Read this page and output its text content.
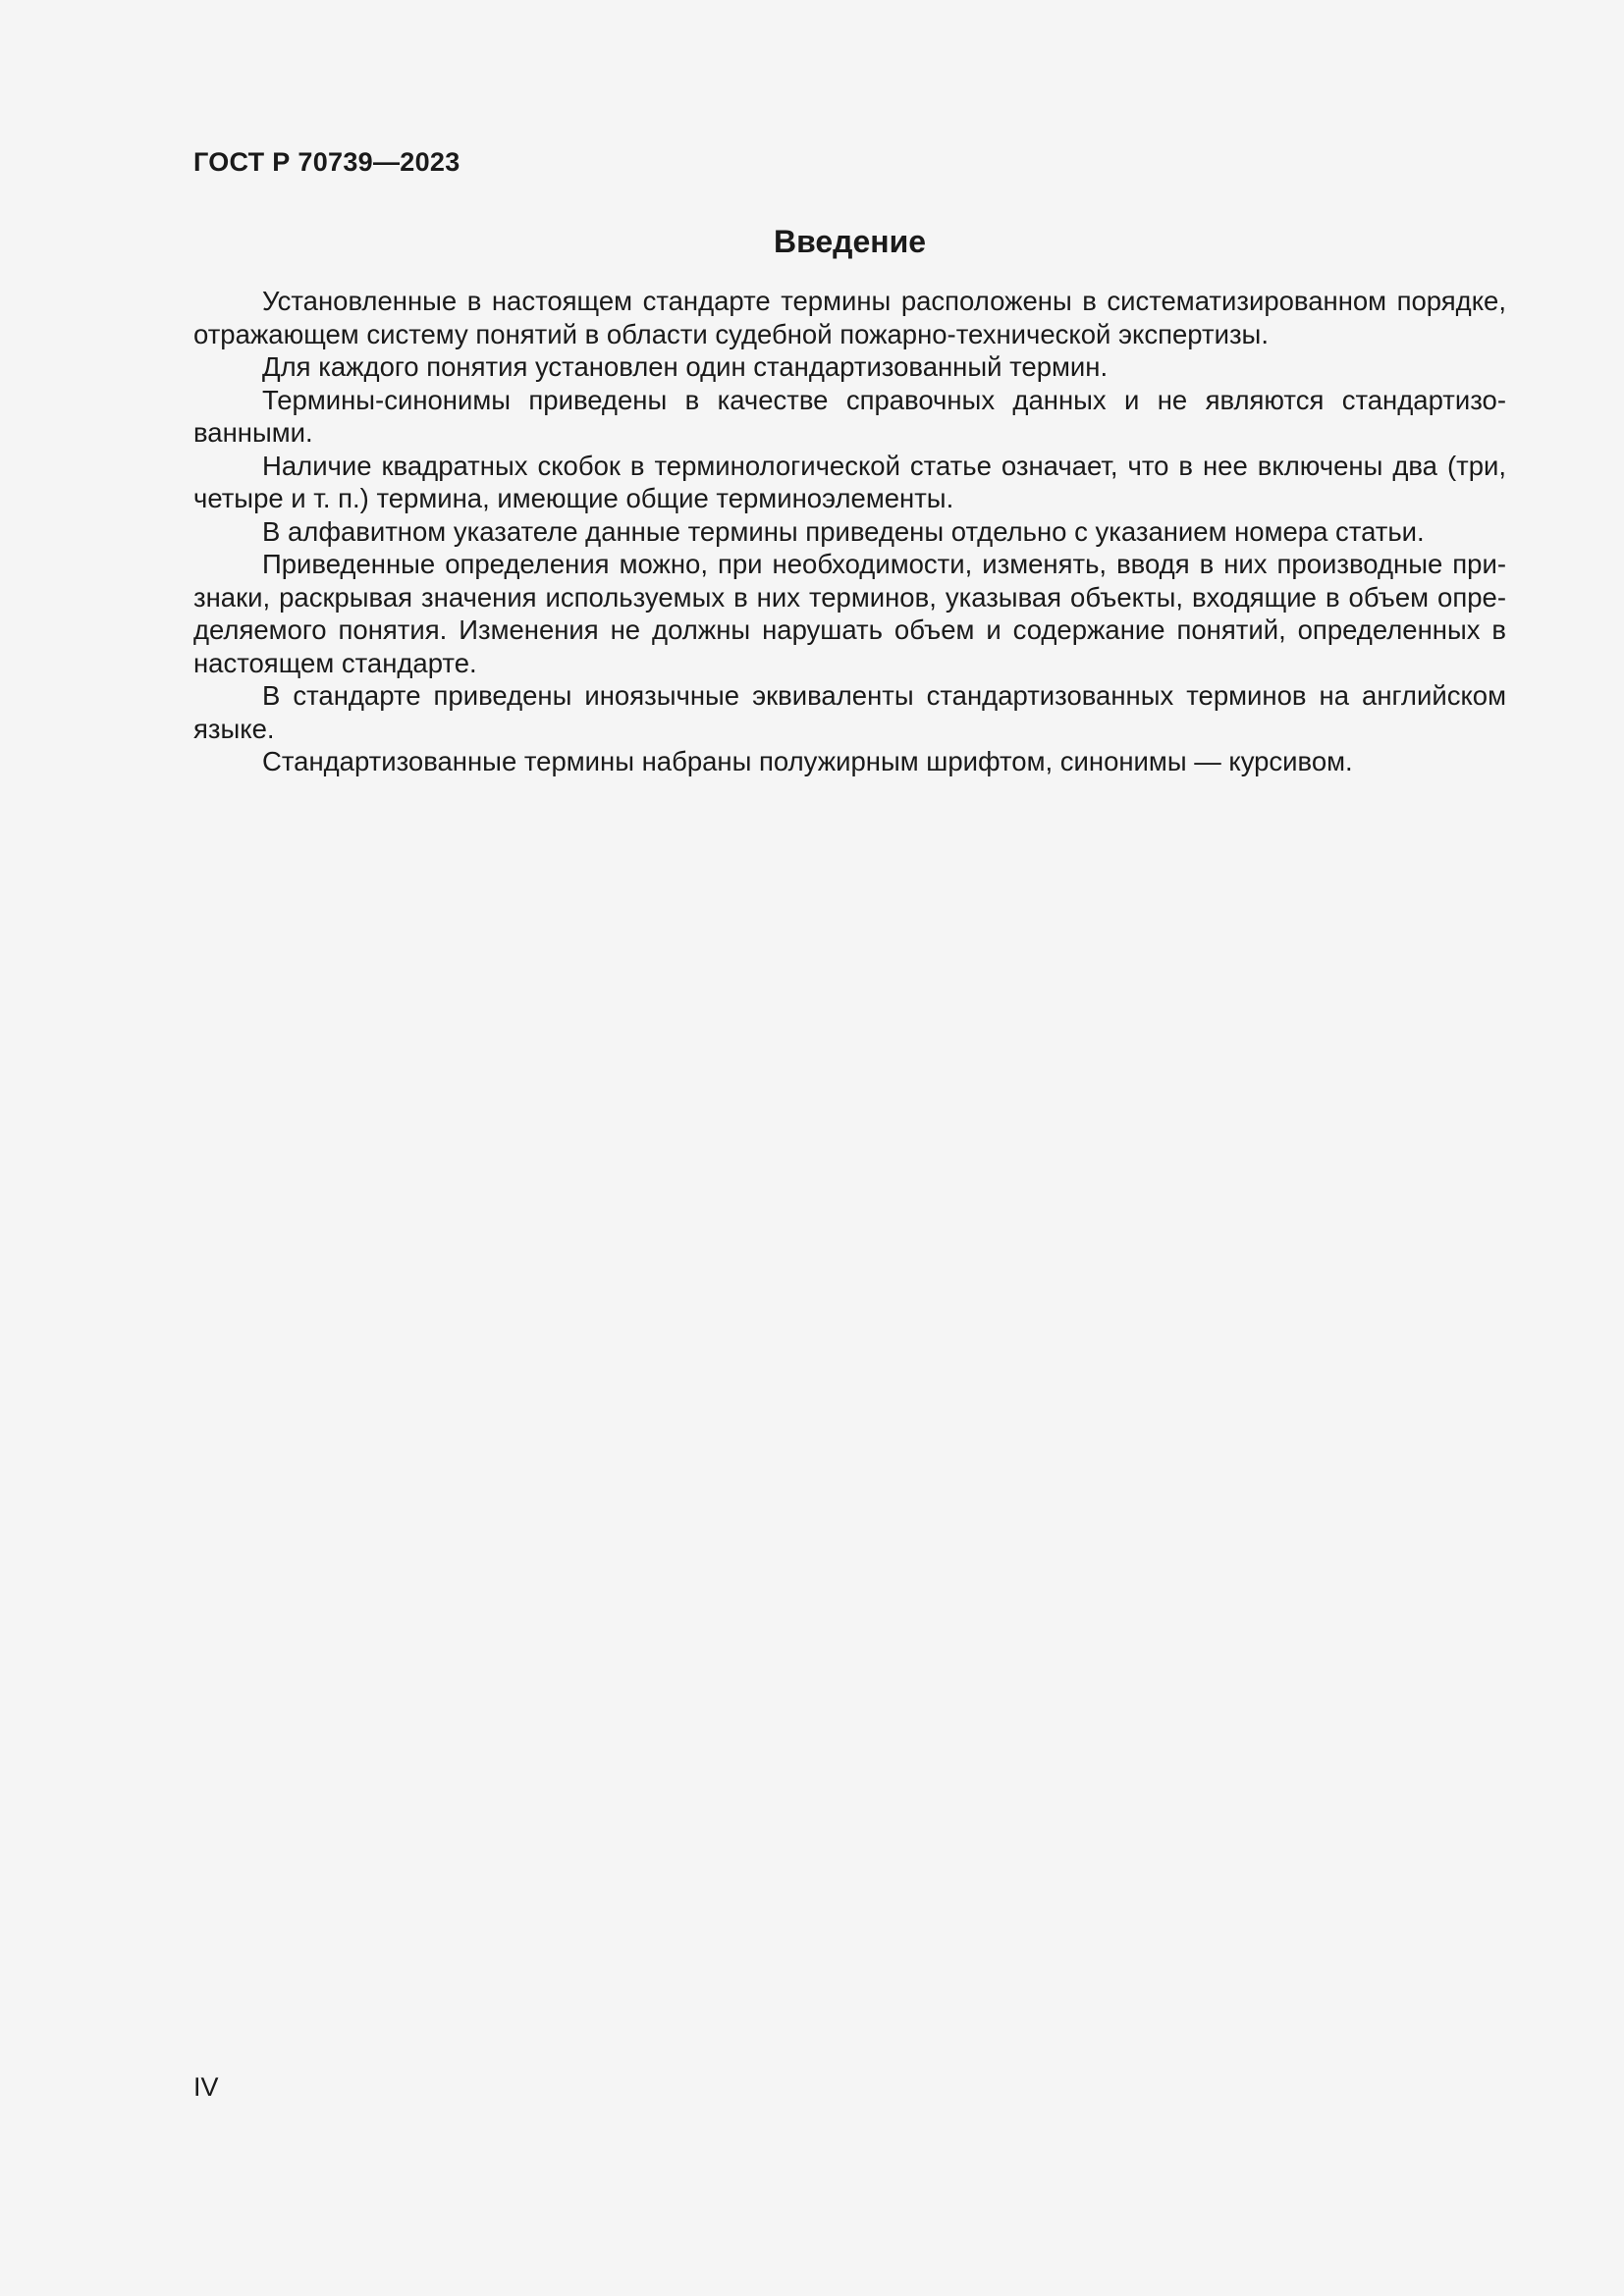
ГОСТ Р 70739—2023
Введение

Установленные в настоящем стандарте термины расположены в систематизированном порядке, отражающем систему понятий в области судебной пожарно-технической экспертизы.

Для каждого понятия установлен один стандартизованный термин.

Термины-синонимы приведены в качестве справочных данных и не являются стандартизованными.

Наличие квадратных скобок в терминологической статье означает, что в нее включены два (три, четыре и т. п.) термина, имеющие общие терминоэлементы.

В алфавитном указателе данные термины приведены отдельно с указанием номера статьи.

Приведенные определения можно, при необходимости, изменять, вводя в них производные признаки, раскрывая значения используемых в них терминов, указывая объекты, входящие в объем определяемого понятия. Изменения не должны нарушать объем и содержание понятий, определенных в настоящем стандарте.

В стандарте приведены иноязычные эквиваленты стандартизованных терминов на английском языке.

Стандартизованные термины набраны полужирным шрифтом, синонимы — курсивом.

IV
